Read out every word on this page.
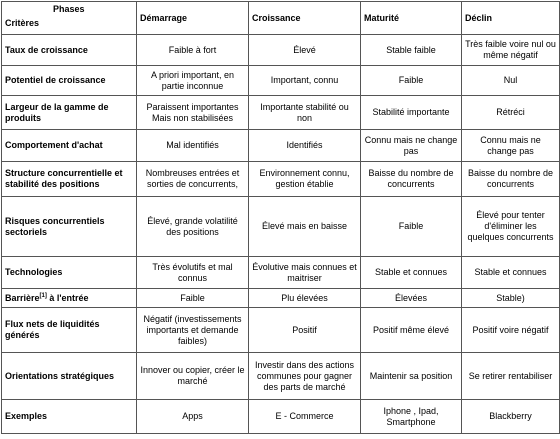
Phases
Critères	Démarrage	Croissance	Maturité	Déclin
Taux de croissance	Faible à fort	Élevé	Stable faible	Très faible voire nul ou même négatif
Potentiel de croissance	A priori important, en partie inconnue	Important, connu	Faible	Nul
Largeur de la gamme de produits	Paraissent importantes Mais non stabilisées	Importante stabilité ou non	Stabilité importante	Rétréci
Comportement d'achat	Mal identifiés	Identifiés	Connu mais ne change pas	Connu mais ne change pas
Structure concurrentielle et stabilité des positions	Nombreuses entrées et sorties de concurrents,	Environnement connu, gestion établie	Baisse du nombre de concurrents	Baisse du nombre de concurrents
Risques concurrentiels sectoriels	Élevé, grande volatilité des positions	Élevé mais en baisse	Faible	Élevé pour tenter d'éliminer les quelques concurrents
Technologies	Très évolutifs et mal connus	Évolutive mais connues et maitriser	Stable et connues	Stable et connues
Barrière[1] à l'entrée	Faible	Plu élevées	Élevées	Stable)
Flux nets de liquidités générés	Négatif (investissements importants et demande faibles)	Positif	Positif même élevé	Positif voire négatif
Orientations stratégiques	Innover ou copier, créer le marché	Investir dans des actions communes pour gagner des parts de marché	Maintenir sa position	Se retirer rentabiliser
Exemples	Apps	E - Commerce	Iphone , Ipad, Smartphone	Blackberry
